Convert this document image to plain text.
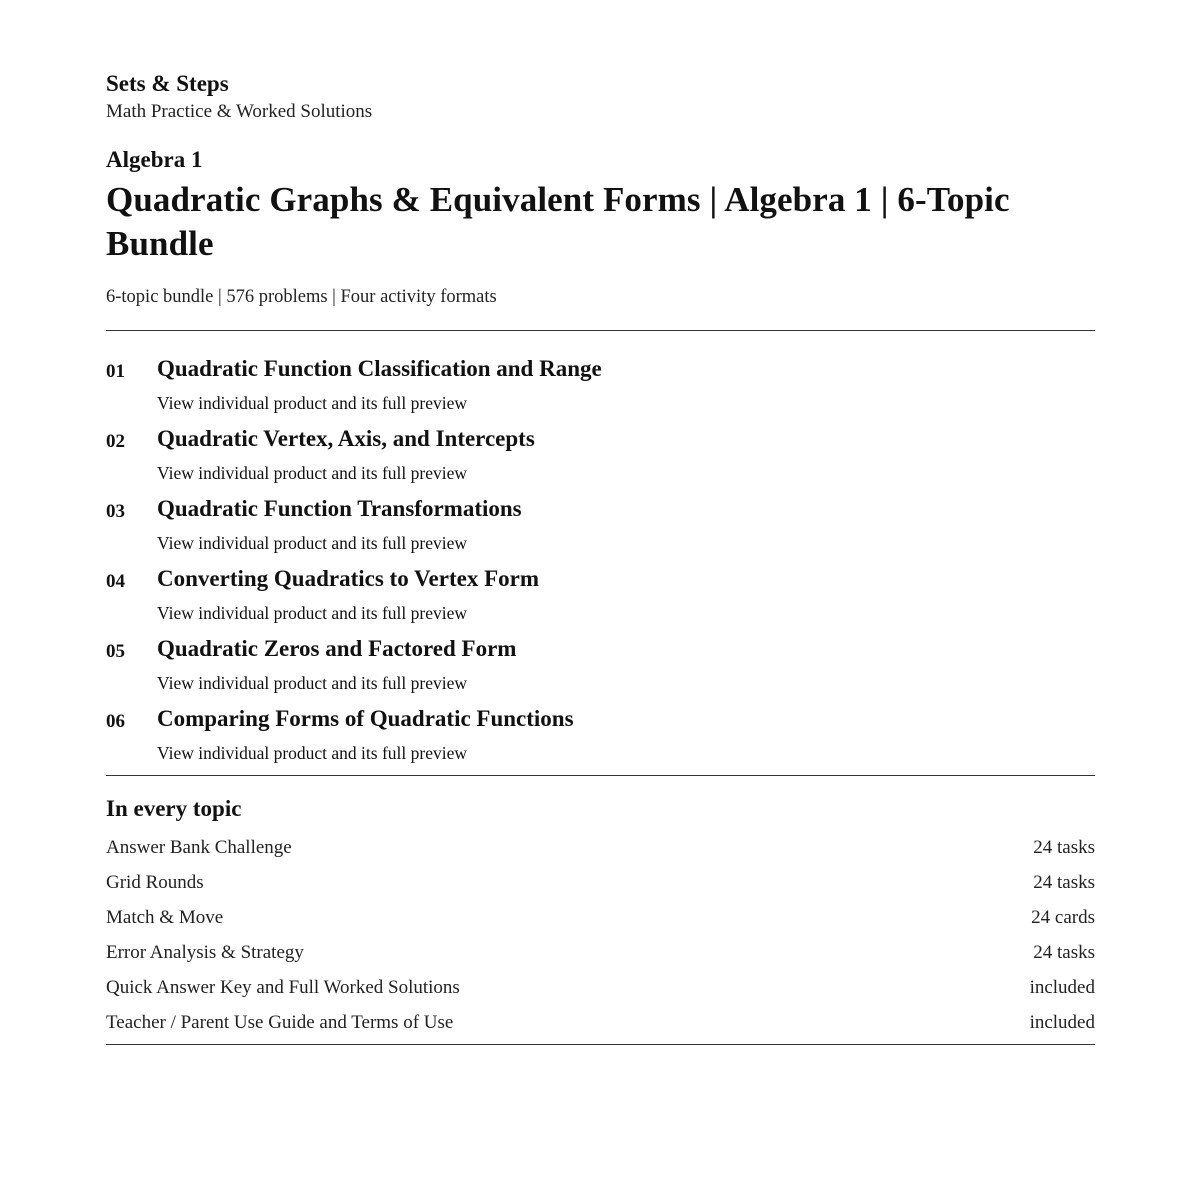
Sets & Steps
Math Practice & Worked Solutions
Algebra 1
Quadratic Graphs & Equivalent Forms | Algebra 1 | 6-Topic Bundle
6-topic bundle | 576 problems | Four activity formats
01 Quadratic Function Classification and Range
View individual product and its full preview
02 Quadratic Vertex, Axis, and Intercepts
View individual product and its full preview
03 Quadratic Function Transformations
View individual product and its full preview
04 Converting Quadratics to Vertex Form
View individual product and its full preview
05 Quadratic Zeros and Factored Form
View individual product and its full preview
06 Comparing Forms of Quadratic Functions
View individual product and its full preview
In every topic
Answer Bank Challenge	24 tasks
Grid Rounds	24 tasks
Match & Move	24 cards
Error Analysis & Strategy	24 tasks
Quick Answer Key and Full Worked Solutions	included
Teacher / Parent Use Guide and Terms of Use	included
